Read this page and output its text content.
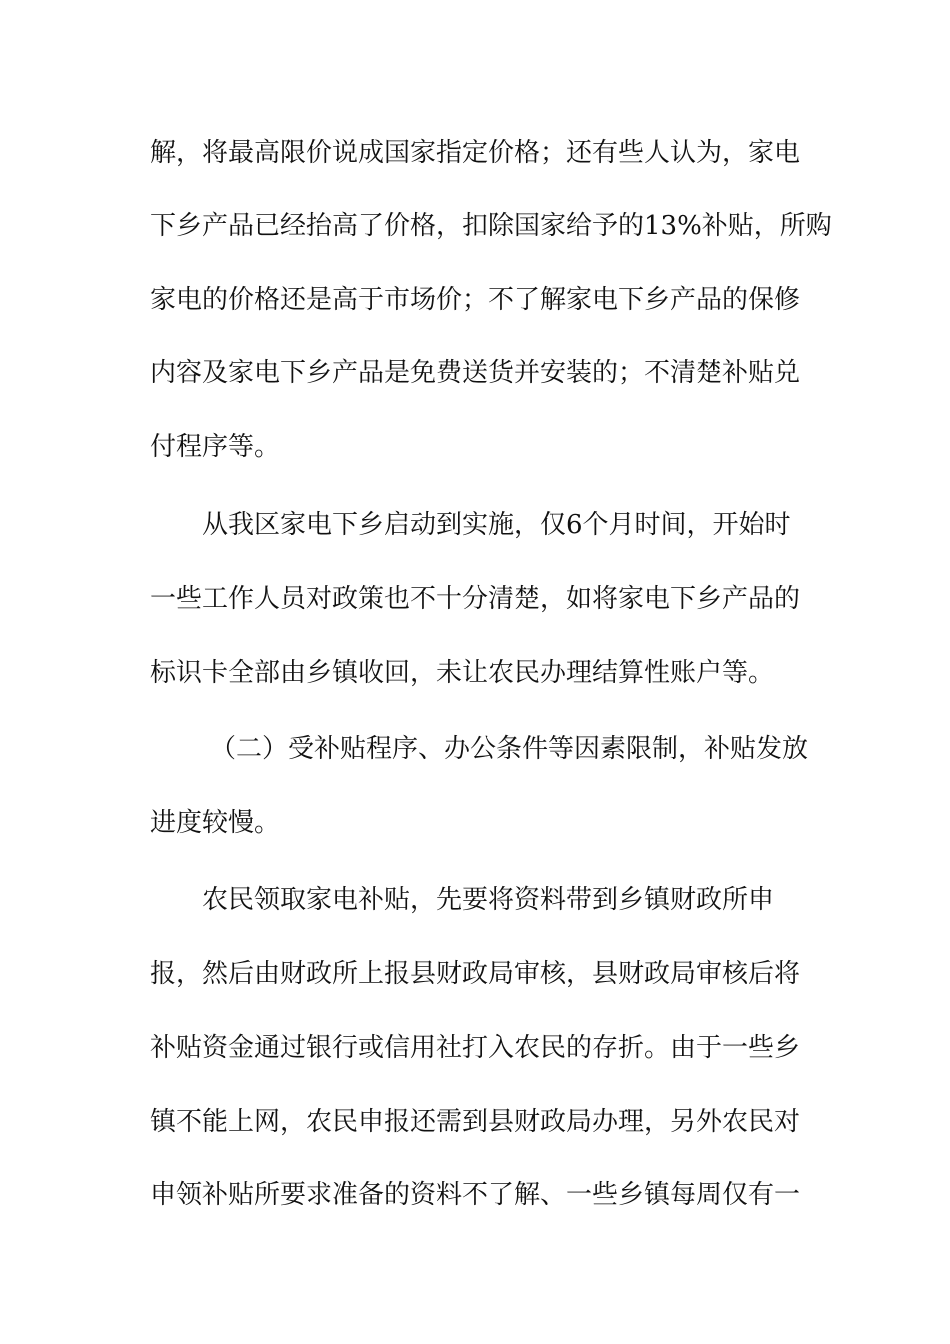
解，将最高限价说成国家指定价格；还有些人认为，家电
下乡产品已经抬高了价格，扣除国家给予的13%补贴，所购
家电的价格还是高于市场价；不了解家电下乡产品的保修
内容及家电下乡产品是免费送货并安装的；不清楚补贴兑
付程序等。
从我区家电下乡启动到实施，仅6个月时间，开始时
一些工作人员对政策也不十分清楚，如将家电下乡产品的
标识卡全部由乡镇收回，未让农民办理结算性账户等。
（二）受补贴程序、办公条件等因素限制，补贴发放
进度较慢。
农民领取家电补贴，先要将资料带到乡镇财政所申
报，然后由财政所上报县财政局审核，县财政局审核后将
补贴资金通过银行或信用社打入农民的存折。由于一些乡
镇不能上网，农民申报还需到县财政局办理，另外农民对
申领补贴所要求准备的资料不了解、一些乡镇每周仅有一
